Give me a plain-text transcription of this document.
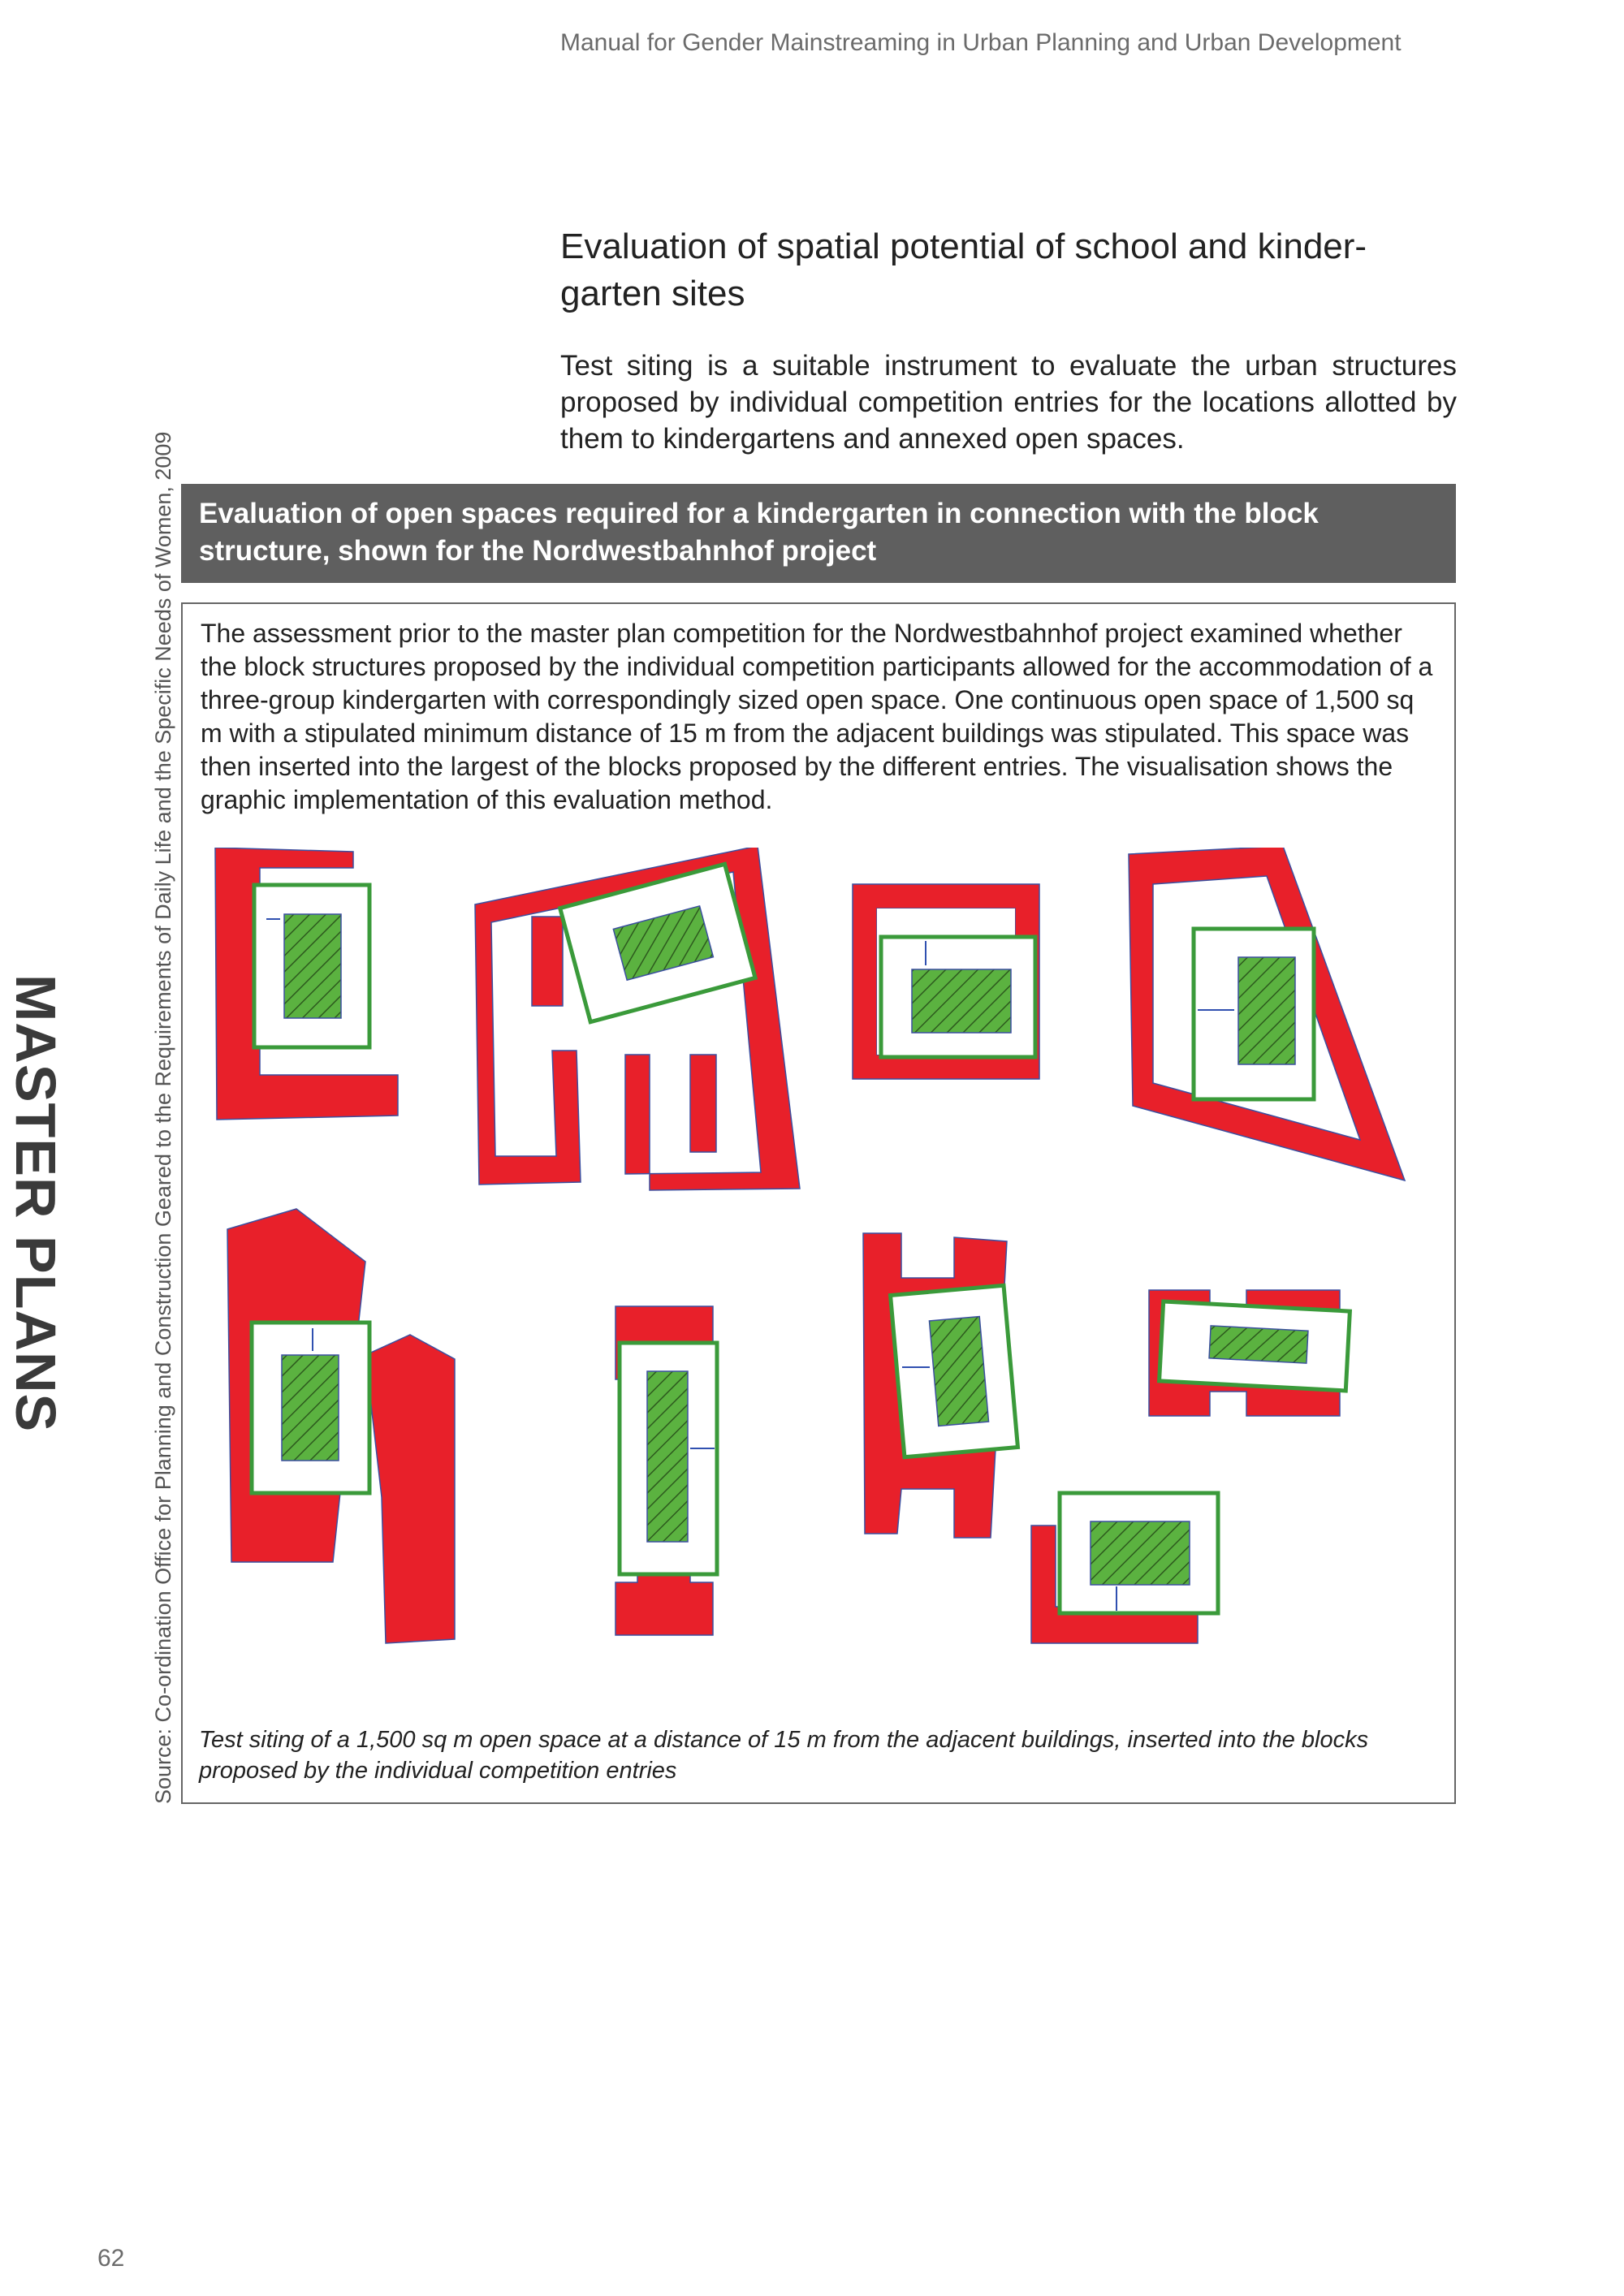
Manual for Gender Mainstreaming in Urban Planning and Urban Development
Evaluation of spatial potential of school and kinder-
garten sites
Test siting is a suitable instrument to evaluate the urban structures proposed by individual competition entries for the locations allotted by them to kindergartens and annexed open spaces.
Source: Co-ordination Office for Planning and Construction Geared to the Requirements of Daily Life and the Specific Needs of Women, 2009
MASTER PLANS
Evaluation of open spaces required for a kindergarten in connection with the block structure, shown for the Nordwestbahnhof project
The assessment prior to the master plan competition for the Nordwestbahnhof project examined whether the block structures proposed by the individual competition participants allowed for the accommodation of a three-group kindergarten with correspondingly sized open space. One continuous open space of 1,500 sq m with a stipulated minimum distance of 15 m from the adjacent buildings was stipulated. This space was then inserted into the largest of the blocks proposed by the different entries. The visualisation shows the graphic implementation of this evaluation method.
Test siting of a 1,500 sq m open space at a distance of 15 m from the adjacent buildings, inserted into the blocks proposed by the individual competition entries
62
